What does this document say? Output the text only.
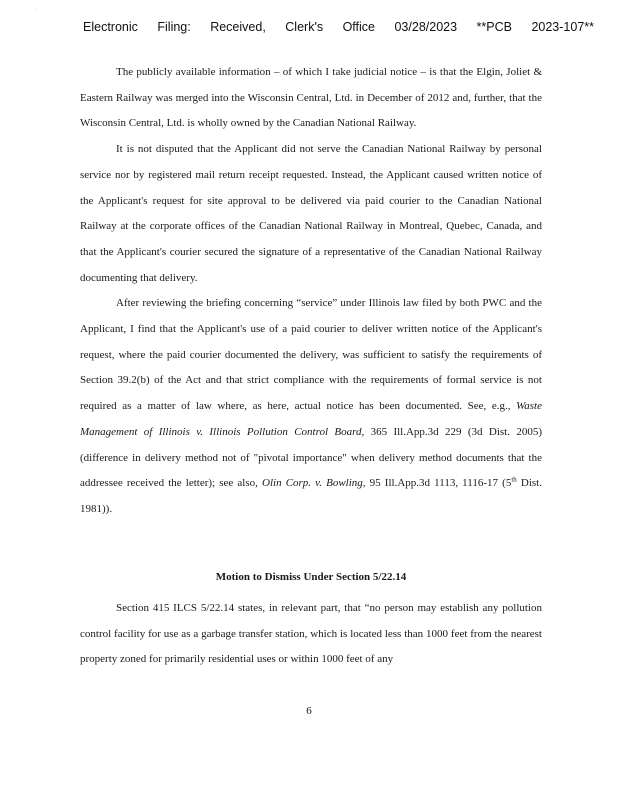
·
Electronic Filing: Received, Clerk's Office 03/28/2023 **PCB 2023-107**

The publicly available information – of which I take judicial notice – is that the Elgin, Joliet & Eastern Railway was merged into the Wisconsin Central, Ltd. in December of 2012 and, further, that the Wisconsin Central, Ltd. is wholly owned by the Canadian National Railway.

It is not disputed that the Applicant did not serve the Canadian National Railway by personal service nor by registered mail return receipt requested. Instead, the Applicant caused written notice of the Applicant's request for site approval to be delivered via paid courier to the Canadian National Railway at the corporate offices of the Canadian National Railway in Montreal, Quebec, Canada, and that the Applicant's courier secured the signature of a representative of the Canadian National Railway documenting that delivery.

After reviewing the briefing concerning “service” under Illinois law filed by both PWC and the Applicant, I find that the Applicant's use of a paid courier to deliver written notice of the Applicant's request, where the paid courier documented the delivery, was sufficient to satisfy the requirements of Section 39.2(b) of the Act and that strict compliance with the requirements of formal service is not required as a matter of law where, as here, actual notice has been documented. See, e.g., Waste Management of Illinois v. Illinois Pollution Control Board, 365 Ill.App.3d 229 (3d Dist. 2005) (difference in delivery method not of "pivotal importance" when delivery method documents that the addressee received the letter); see also, Olin Corp. v. Bowling, 95 Ill.App.3d 1113, 1116-17 (5th Dist. 1981)).

Motion to Dismiss Under Section 5/22.14

Section 415 ILCS 5/22.14 states, in relevant part, that “no person may establish any pollution control facility for use as a garbage transfer station, which is located less than 1000 feet from the nearest property zoned for primarily residential uses or within 1000 feet of any

6
